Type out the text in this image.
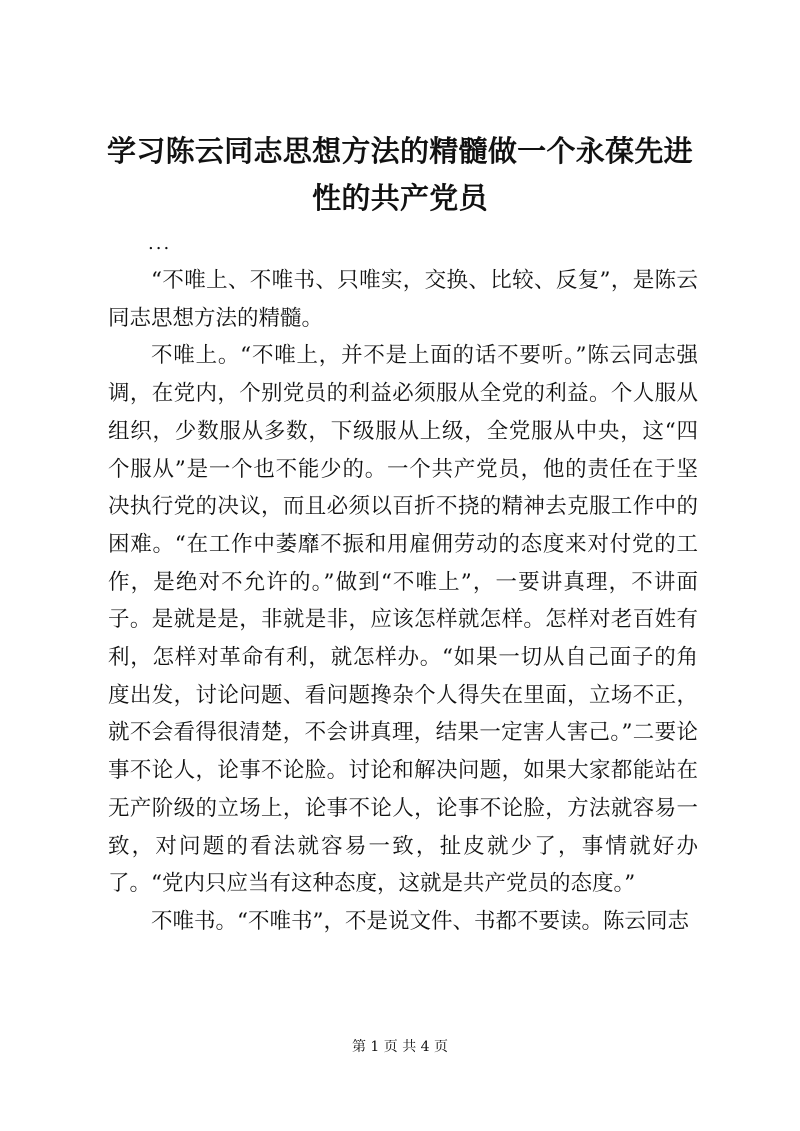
学习陈云同志思想方法的精髓做一个永葆先进性的共产党员

...

“不唯上、不唯书、只唯实，交换、比较、反复”，是陈云同志思想方法的精髓。

不唯上。“不唯上，并不是上面的话不要听。”陈云同志强调，在党内，个别党员的利益必须服从全党的利益。个人服从组织，少数服从多数，下级服从上级，全党服从中央，这“四个服从”是一个也不能少的。一个共产党员，他的责任在于坚决执行党的决议，而且必须以百折不挠的精神去克服工作中的困难。“在工作中萎靡不振和用雇佣劳动的态度来对付党的工作，是绝对不允许的。”做到“不唯上”，一要讲真理，不讲面子。是就是是，非就是非，应该怎样就怎样。怎样对老百姓有利，怎样对革命有利，就怎样办。“如果一切从自己面子的角度出发，讨论问题、看问题搀杂个人得失在里面，立场不正，就不会看得很清楚，不会讲真理，结果一定害人害己。”二要论事不论人，论事不论脸。讨论和解决问题，如果大家都能站在无产阶级的立场上，论事不论人，论事不论脸，方法就容易一致，对问题的看法就容易一致，扯皮就少了，事情就好办了。“党内只应当有这种态度，这就是共产党员的态度。”

不唯书。“不唯书”，不是说文件、书都不要读。陈云同志

第 1 页 共 4 页
